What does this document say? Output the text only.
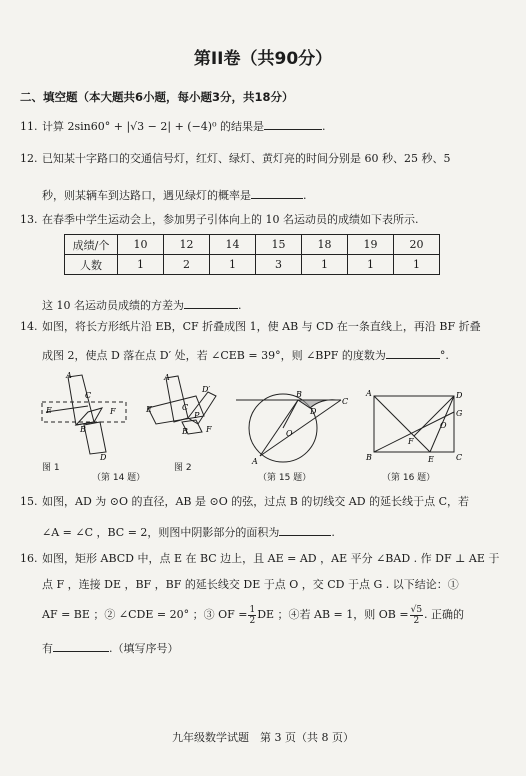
第II卷（共90分）
二、填空题（本大题共6小题，每小题3分，共18分）
11. 计算 2sin60° + |√3 − 2| + (−4)⁰ 的结果是	.
12. 已知某十字路口的交通信号灯，红灯、绿灯、黄灯亮的时间分别是 60 秒、25 秒、5
秒，则某辆车到达路口，遇见绿灯的概率是	.
13. 在春季中学生运动会上，参加男子引体向上的 10 名运动员的成绩如下表所示.
成绩/个	10	12	14	15	18	19	20
人数	1	2	1	3	1	1	1
这 10 名运动员成绩的方差为	.
14. 如图，将长方形纸片沿 EB，CF 折叠成图 1，使 AB 与 CD 在一条直线上，再沿 BF 折叠
成图 2，使点 D 落在点 D′ 处，若 ∠CEB = 39°，则 ∠BPF 的度数为	°.
A
C
E	F
B
D
A
D′
E	C
P
B F
B
C
O
A
D
A	D
G
O
F
B	E	C
图 1	图 2
（第 14 题）	（第 15 题）	（第 16 题）
15. 如图，AD 为 ⊙O 的直径，AB 是 ⊙O 的弦，过点 B 的切线交 AD 的延长线于点 C，若
∠A = ∠C ，BC = 2，则图中阴影部分的面积为	.
16. 如图，矩形 ABCD 中，点 E 在 BC 边上，且 AE = AD ，AE 平分 ∠BAD . 作 DF ⊥ AE 于
点 F ，连接 DE ，BF ，BF 的延长线交 DE 于点 O ，交 CD 于点 G . 以下结论：①
AF = BE ；② ∠CDE = 20° ；③ OF = $\frac{1}{2}$ DE ；④若 AB = 1，则 OB = $\frac{√5}{2}$ . 正确的
有	.（填写序号）
九年级数学试题　第 3 页（共 8 页）
